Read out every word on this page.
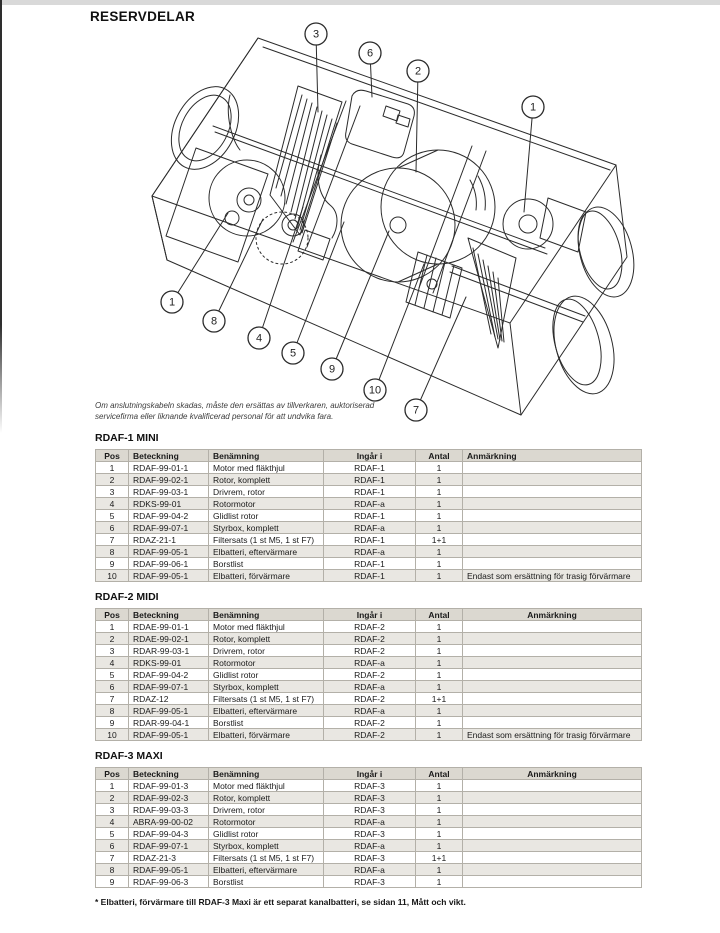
RESERVDELAR
3
6
2
1
1
8
4
5
9
10
7
Om anslutningskabeln skadas, måste den ersättas av tillverkaren, auktoriserad
servicefirma eller liknande kvalificerad personal för att undvika fara.
RDAF-1 MINI
Pos	Beteckning	Benämning	Ingår i	Antal	Anmärkning
1	RDAF-99-01-1	Motor med fläkthjul	RDAF-1	1	
2	RDAF-99-02-1	Rotor, komplett	RDAF-1	1	
3	RDAF-99-03-1	Drivrem, rotor	RDAF-1	1	
4	RDKS-99-01	Rotormotor	RDAF-a	1	
5	RDAF-99-04-2	Glidlist rotor	RDAF-1	1	
6	RDAF-99-07-1	Styrbox, komplett	RDAF-a	1	
7	RDAZ-21-1	Filtersats (1 st M5, 1 st F7)	RDAF-1	1+1	
8	RDAF-99-05-1	Elbatteri, eftervärmare	RDAF-a	1	
9	RDAF-99-06-1	Borstlist	RDAF-1	1	
10	RDAF-99-05-1	Elbatteri, förvärmare	RDAF-1	1	Endast som ersättning för trasig förvärmare
RDAF-2 MIDI
Pos	Beteckning	Benämning	Ingår i	Antal	Anmärkning
1	RDAE-99-01-1	Motor med fläkthjul	RDAF-2	1	
2	RDAE-99-02-1	Rotor, komplett	RDAF-2	1	
3	RDAR-99-03-1	Drivrem, rotor	RDAF-2	1	
4	RDKS-99-01	Rotormotor	RDAF-a	1	
5	RDAF-99-04-2	Glidlist rotor	RDAF-2	1	
6	RDAF-99-07-1	Styrbox, komplett	RDAF-a	1	
7	RDAZ-12	Filtersats (1 st M5, 1 st F7)	RDAF-2	1+1	
8	RDAF-99-05-1	Elbatteri, eftervärmare	RDAF-a	1	
9	RDAR-99-04-1	Borstlist	RDAF-2	1	
10	RDAF-99-05-1	Elbatteri, förvärmare	RDAF-2	1	Endast som ersättning för trasig förvärmare
RDAF-3 MAXI
Pos	Beteckning	Benämning	Ingår i	Antal	Anmärkning
1	RDAF-99-01-3	Motor med fläkthjul	RDAF-3	1	
2	RDAF-99-02-3	Rotor, komplett	RDAF-3	1	
3	RDAF-99-03-3	Drivrem, rotor	RDAF-3	1	
4	ABRA-99-00-02	Rotormotor	RDAF-a	1	
5	RDAF-99-04-3	Glidlist rotor	RDAF-3	1	
6	RDAF-99-07-1	Styrbox, komplett	RDAF-a	1	
7	RDAZ-21-3	Filtersats (1 st M5, 1 st F7)	RDAF-3	1+1	
8	RDAF-99-05-1	Elbatteri, eftervärmare	RDAF-a	1	
9	RDAF-99-06-3	Borstlist	RDAF-3	1	
* Elbatteri, förvärmare till RDAF-3 Maxi är ett separat kanalbatteri, se sidan 11, Mått och vikt.
